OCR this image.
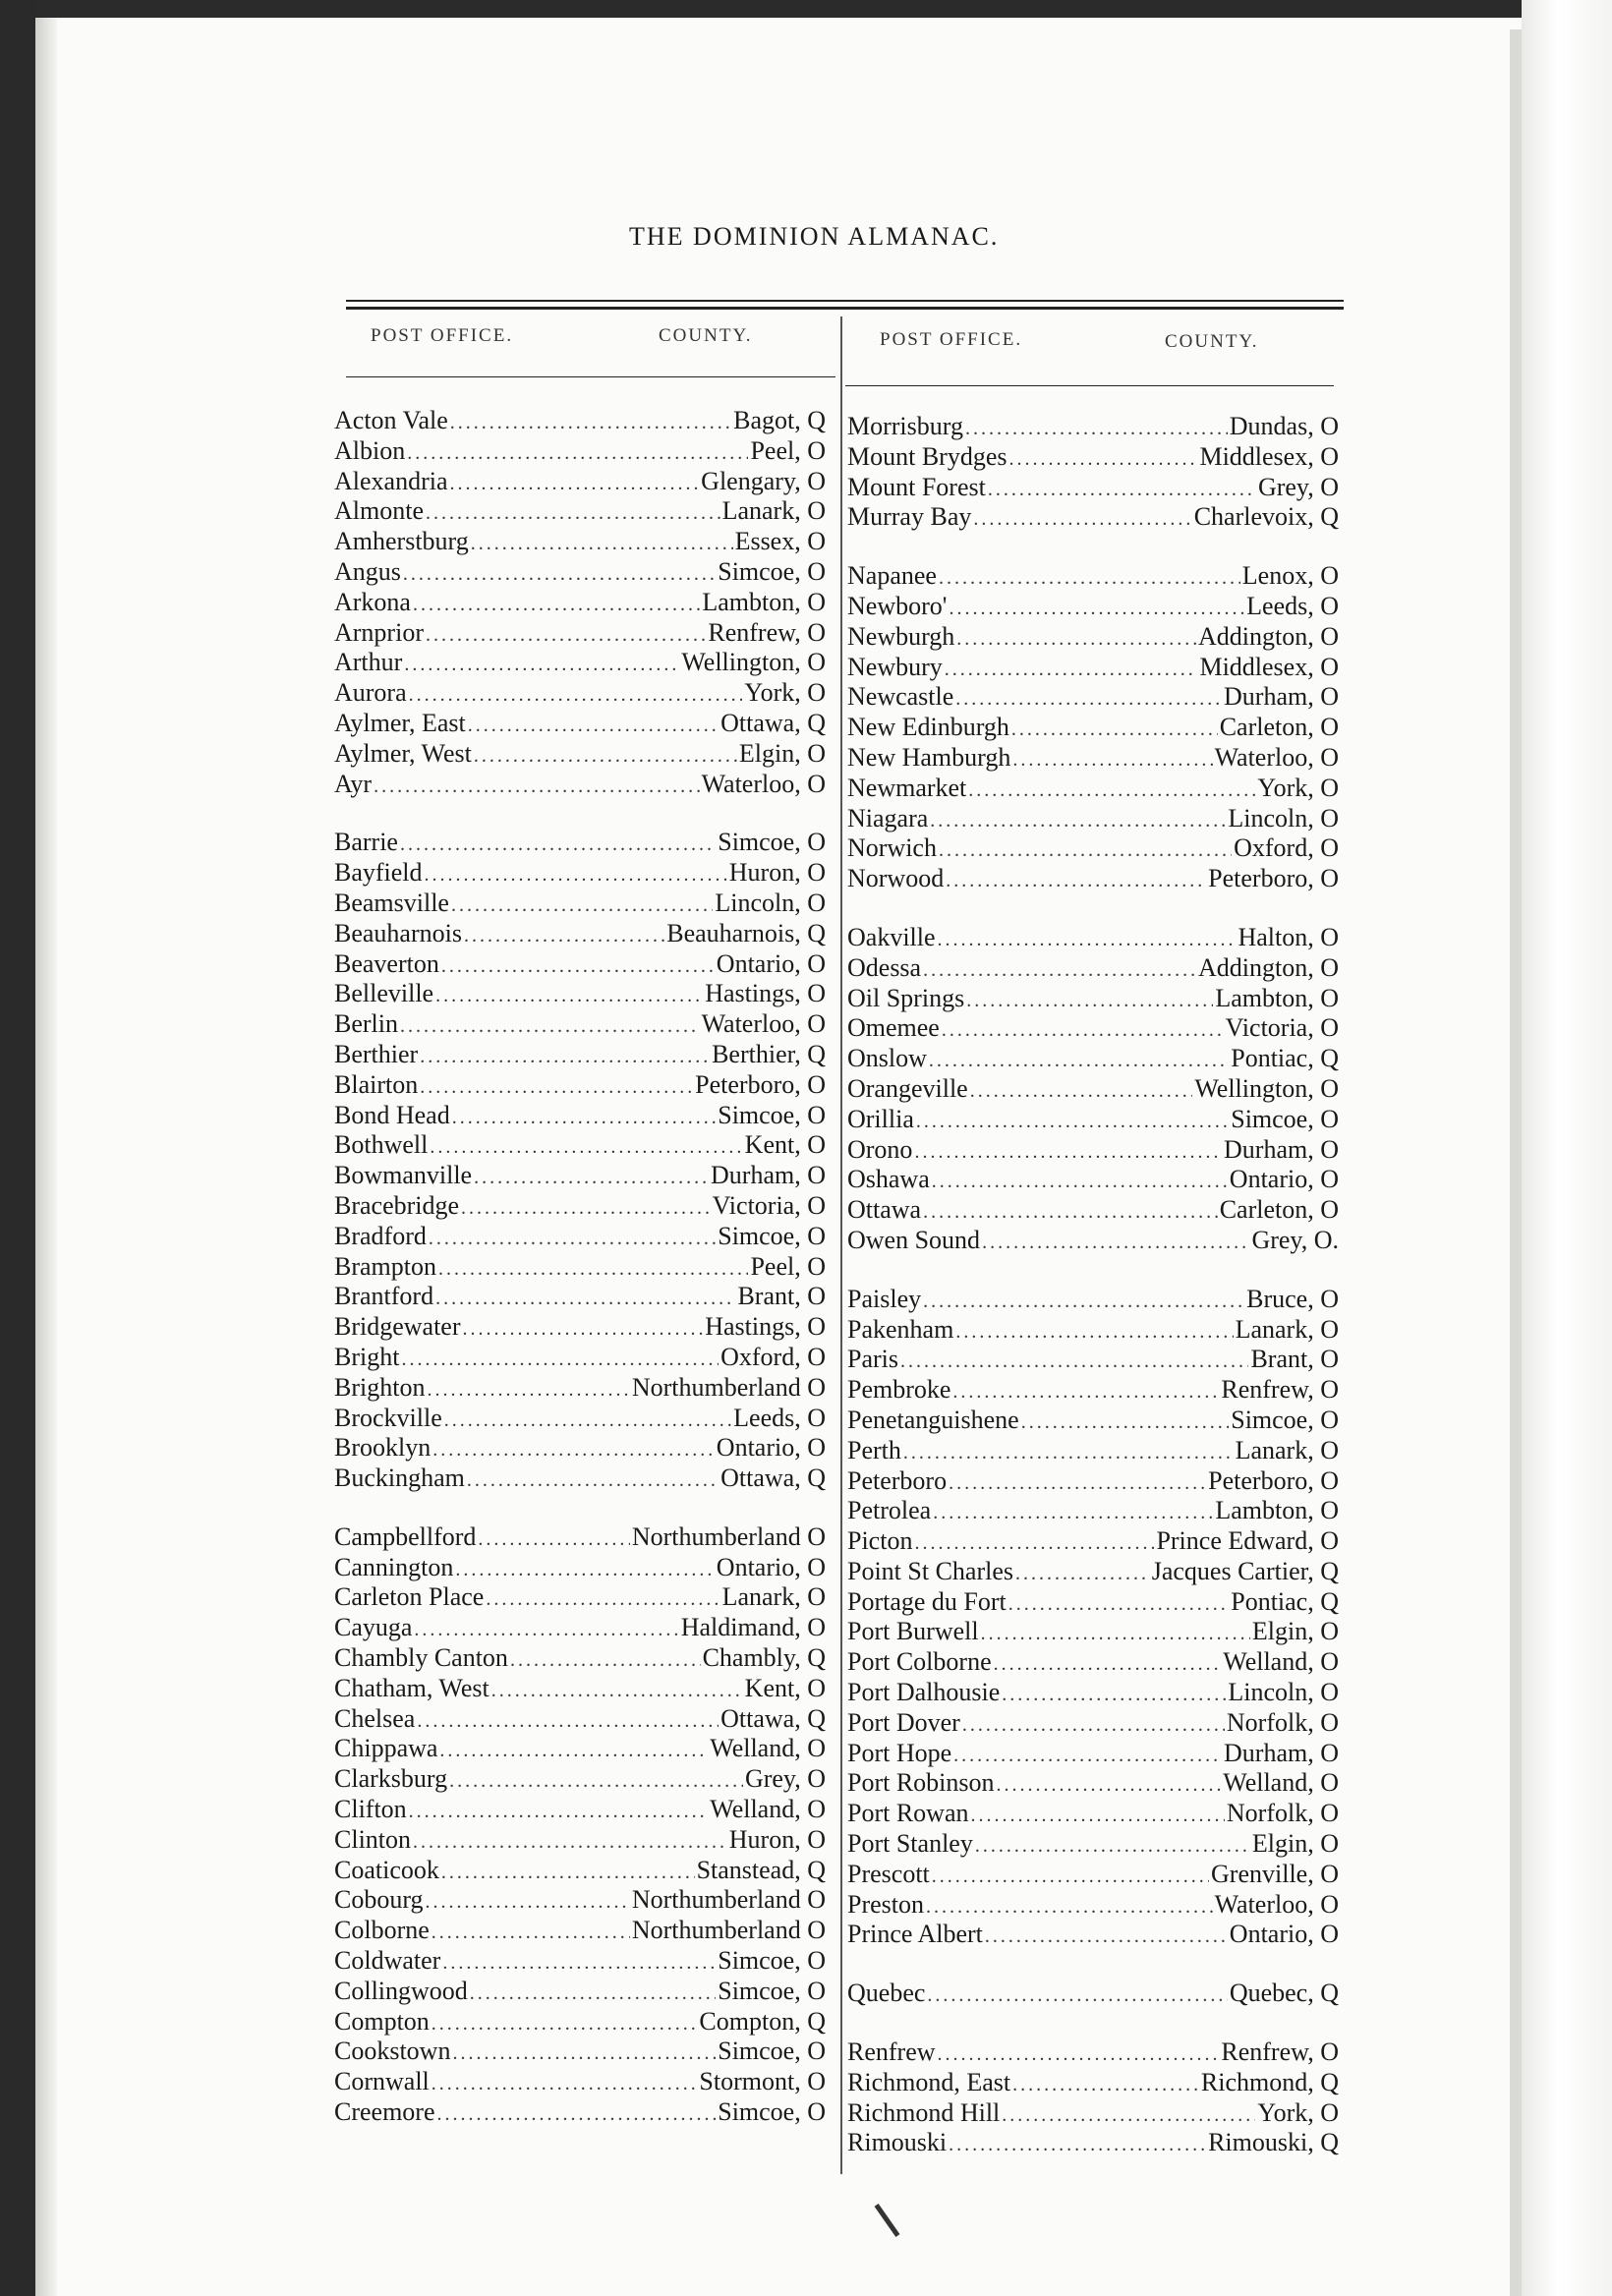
THE DOMINION ALMANAC.
POST OFFICE.	COUNTY.	POST OFFICE.	COUNTY.
Acton Vale .....	Bagot, Q
Albion .....	Peel, O
Alexandria .....	Glengary, O
Almonte .....	Lanark, O
Amherstburg .....	Essex, O
Angus .....	Simcoe, O
Arkona .....	Lambton, O
Arnprior .....	Renfrew, O
Arthur .....	Wellington, O
Aurora .....	York, O
Aylmer, East .....	Ottawa, Q
Aylmer, West .....	Elgin, O
Ayr .....	Waterloo, O
Barrie .....	Simcoe, O
Bayfield .....	Huron, O
Beamsville .....	Lincoln, O
Beauharnois .....	Beauharnois, Q
Beaverton .....	Ontario, O
Belleville .....	Hastings, O
Berlin .....	Waterloo, O
Berthier .....	Berthier, Q
Blairton .....	Peterboro, O
Bond Head .....	Simcoe, O
Bothwell .....	Kent, O
Bowmanville .....	Durham, O
Bracebridge .....	Victoria, O
Bradford .....	Simcoe, O
Brampton .....	Peel, O
Brantford .....	Brant, O
Bridgewater .....	Hastings, O
Bright .....	Oxford, O
Brighton .....	Northumberland O
Brockville .....	Leeds, O
Brooklyn .....	Ontario, O
Buckingham .....	Ottawa, Q
Campbellford .....	Northumberland O
Cannington .....	Ontario, O
Carleton Place .....	Lanark, O
Cayuga .....	Haldimand, O
Chambly Canton .....	Chambly, Q
Chatham, West .....	Kent, O
Chelsea .....	Ottawa, Q
Chippawa .....	Welland, O
Clarksburg .....	Grey, O
Clifton .....	Welland, O
Clinton .....	Huron, O
Coaticook .....	Stanstead, Q
Cobourg .....	Northumberland O
Colborne .....	Northumberland O
Coldwater .....	Simcoe, O
Collingwood .....	Simcoe, O
Compton .....	Compton, Q
Cookstown .....	Simcoe, O
Cornwall .....	Stormont, O
Creemore .....	Simcoe, O
Morrisburg .....	Dundas, O
Mount Brydges .....	Middlesex, O
Mount Forest .....	Grey, O
Murray Bay .....	Charlevoix, Q
Napanee .....	Lenox, O
Newboro' .....	Leeds, O
Newburgh .....	Addington, O
Newbury .....	Middlesex, O
Newcastle .....	Durham, O
New Edinburgh .....	Carleton, O
New Hamburgh .....	Waterloo, O
Newmarket .....	York, O
Niagara .....	Lincoln, O
Norwich .....	Oxford, O
Norwood .....	Peterboro, O
Oakville .....	Halton, O
Odessa .....	Addington, O
Oil Springs .....	Lambton, O
Omemee .....	Victoria, O
Onslow .....	Pontiac, Q
Orangeville .....	Wellington, O
Orillia .....	Simcoe, O
Orono .....	Durham, O
Oshawa .....	Ontario, O
Ottawa .....	Carleton, O
Owen Sound .....	Grey, O.
Paisley .....	Bruce, O
Pakenham .....	Lanark, O
Paris .....	Brant, O
Pembroke .....	Renfrew, O
Penetanguishene .....	Simcoe, O
Perth .....	Lanark, O
Peterboro .....	Peterboro, O
Petrolea .....	Lambton, O
Picton .....	Prince Edward, O
Point St Charles .....	Jacques Cartier, Q
Portage du Fort .....	Pontiac, Q
Port Burwell .....	Elgin, O
Port Colborne .....	Welland, O
Port Dalhousie .....	Lincoln, O
Port Dover .....	Norfolk, O
Port Hope .....	Durham, O
Port Robinson .....	Welland, O
Port Rowan .....	Norfolk, O
Port Stanley .....	Elgin, O
Prescott .....	Grenville, O
Preston .....	Waterloo, O
Prince Albert .....	Ontario, O
Quebec .....	Quebec, Q
Renfrew .....	Renfrew, O
Richmond, East .....	Richmond, Q
Richmond Hill .....	York, O
Rimouski .....	Rimouski, Q
